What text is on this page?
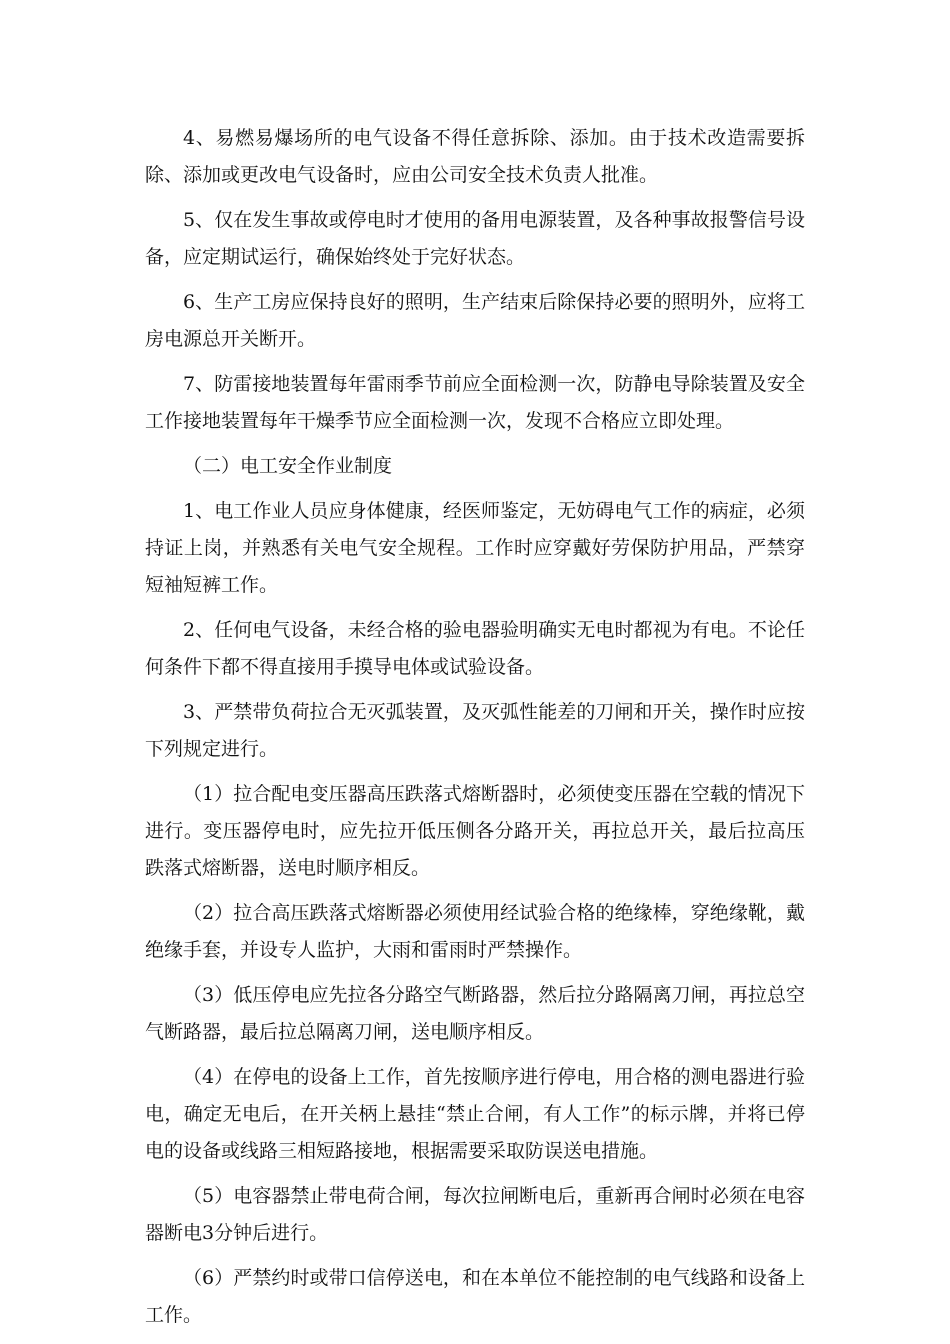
4、易燃易爆场所的电气设备不得任意拆除、添加。由于技术改造需要拆除、添加或更改电气设备时，应由公司安全技术负责人批准。

5、仅在发生事故或停电时才使用的备用电源装置，及各种事故报警信号设备，应定期试运行，确保始终处于完好状态。

6、生产工房应保持良好的照明，生产结束后除保持必要的照明外，应将工房电源总开关断开。

7、防雷接地装置每年雷雨季节前应全面检测一次，防静电导除装置及安全工作接地装置每年干燥季节应全面检测一次，发现不合格应立即处理。

（二）电工安全作业制度

1、电工作业人员应身体健康，经医师鉴定，无妨碍电气工作的病症，必须持证上岗，并熟悉有关电气安全规程。工作时应穿戴好劳保防护用品，严禁穿短袖短裤工作。

2、任何电气设备，未经合格的验电器验明确实无电时都视为有电。不论任何条件下都不得直接用手摸导电体或试验设备。

3、严禁带负荷拉合无灭弧装置，及灭弧性能差的刀闸和开关，操作时应按下列规定进行。

（1）拉合配电变压器高压跌落式熔断器时，必须使变压器在空载的情况下进行。变压器停电时，应先拉开低压侧各分路开关，再拉总开关，最后拉高压跌落式熔断器，送电时顺序相反。

（2）拉合高压跌落式熔断器必须使用经试验合格的绝缘棒，穿绝缘靴，戴绝缘手套，并设专人监护，大雨和雷雨时严禁操作。

（3）低压停电应先拉各分路空气断路器，然后拉分路隔离刀闸，再拉总空气断路器，最后拉总隔离刀闸，送电顺序相反。

（4）在停电的设备上工作，首先按顺序进行停电，用合格的测电器进行验电，确定无电后，在开关柄上悬挂“禁止合闸，有人工作”的标示牌，并将已停电的设备或线路三相短路接地，根据需要采取防误送电措施。

（5）电容器禁止带电荷合闸，每次拉闸断电后，重新再合闸时必须在电容器断电3分钟后进行。

（6）严禁约时或带口信停送电，和在本单位不能控制的电气线路和设备上工作。
